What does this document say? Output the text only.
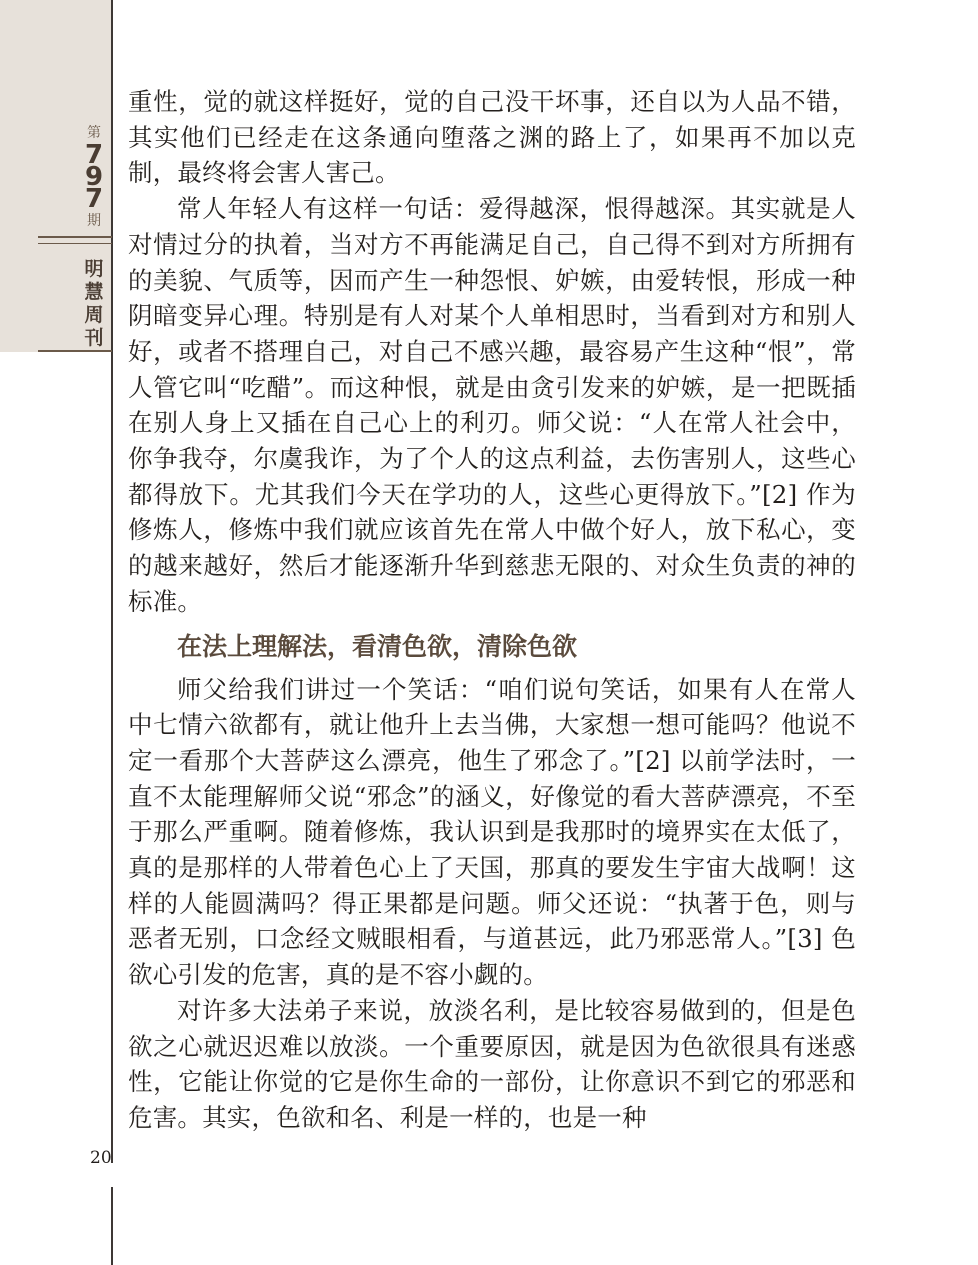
第
797
期
明慧周刊
20

重性，觉的就这样挺好，觉的自己没干坏事，还自以为人品不错，其实他们已经走在这条通向堕落之渊的路上了，如果再不加以克制，最终将会害人害己。

常人年轻人有这样一句话：爱得越深，恨得越深。其实就是人对情过分的执着，当对方不再能满足自己，自己得不到对方所拥有的美貌、气质等，因而产生一种怨恨、妒嫉，由爱转恨，形成一种阴暗变异心理。特别是有人对某个人单相思时，当看到对方和别人好，或者不搭理自己，对自己不感兴趣，最容易产生这种“恨”，常人管它叫“吃醋”。而这种恨，就是由贪引发来的妒嫉，是一把既插在别人身上又插在自己心上的利刃。师父说：“人在常人社会中，你争我夺，尔虞我诈，为了个人的这点利益，去伤害别人，这些心都得放下。尤其我们今天在学功的人，这些心更得放下。”[2] 作为修炼人，修炼中我们就应该首先在常人中做个好人，放下私心，变的越来越好，然后才能逐渐升华到慈悲无限的、对众生负责的神的标准。

在法上理解法，看清色欲，清除色欲

师父给我们讲过一个笑话：“咱们说句笑话，如果有人在常人中七情六欲都有，就让他升上去当佛，大家想一想可能吗？他说不定一看那个大菩萨这么漂亮，他生了邪念了。”[2] 以前学法时，一直不太能理解师父说“邪念”的涵义，好像觉的看大菩萨漂亮，不至于那么严重啊。随着修炼，我认识到是我那时的境界实在太低了，真的是那样的人带着色心上了天国，那真的要发生宇宙大战啊！这样的人能圆满吗？得正果都是问题。师父还说：“执著于色，则与恶者无别，口念经文贼眼相看，与道甚远，此乃邪恶常人。”[3] 色欲心引发的危害，真的是不容小觑的。

对许多大法弟子来说，放淡名利，是比较容易做到的，但是色欲之心就迟迟难以放淡。一个重要原因，就是因为色欲很具有迷惑性，它能让你觉的它是你生命的一部份，让你意识不到它的邪恶和危害。其实，色欲和名、利是一样的，也是一种
